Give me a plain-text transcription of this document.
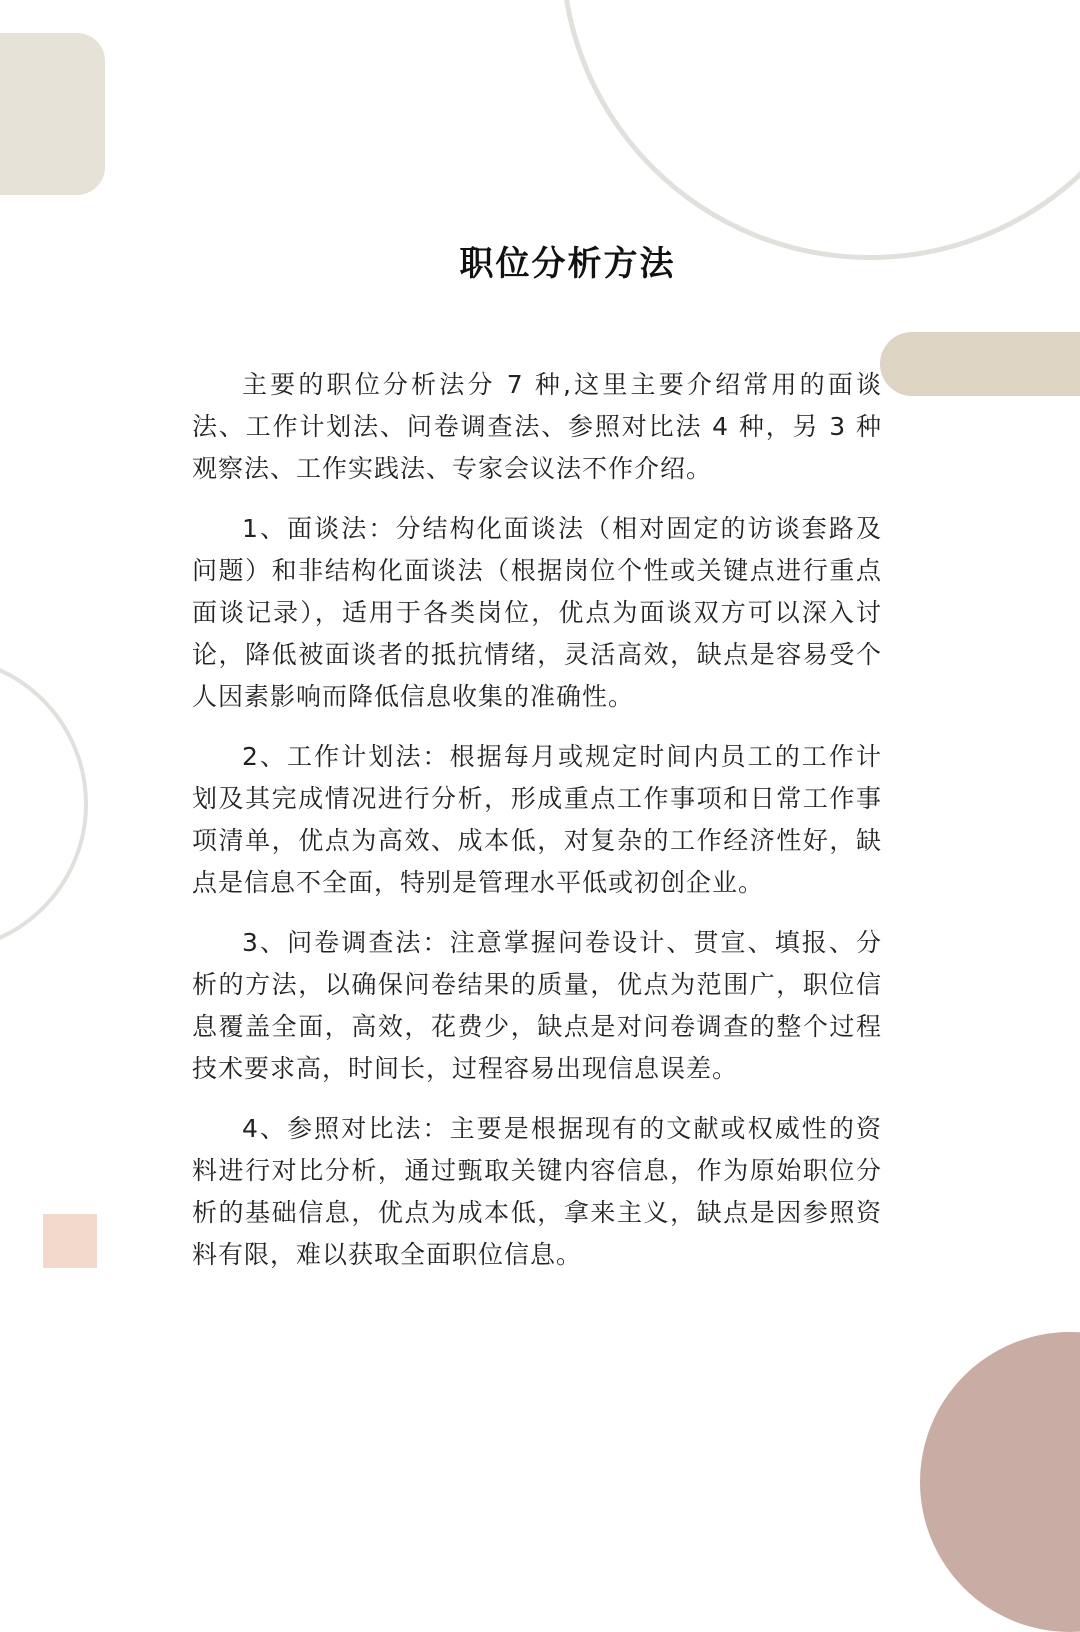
职位分析方法

主要的职位分析法分 7 种,这里主要介绍常用的面谈法、工作计划法、问卷调查法、参照对比法 4 种，另 3 种观察法、工作实践法、专家会议法不作介绍。

1、面谈法：分结构化面谈法（相对固定的访谈套路及问题）和非结构化面谈法（根据岗位个性或关键点进行重点面谈记录），适用于各类岗位，优点为面谈双方可以深入讨论，降低被面谈者的抵抗情绪，灵活高效，缺点是容易受个人因素影响而降低信息收集的准确性。

2、工作计划法：根据每月或规定时间内员工的工作计划及其完成情况进行分析，形成重点工作事项和日常工作事项清单，优点为高效、成本低，对复杂的工作经济性好，缺点是信息不全面，特别是管理水平低或初创企业。

3、问卷调查法：注意掌握问卷设计、贯宣、填报、分析的方法，以确保问卷结果的质量，优点为范围广，职位信息覆盖全面，高效，花费少，缺点是对问卷调查的整个过程技术要求高，时间长，过程容易出现信息误差。

4、参照对比法：主要是根据现有的文献或权威性的资料进行对比分析，通过甄取关键内容信息，作为原始职位分析的基础信息，优点为成本低，拿来主义，缺点是因参照资料有限，难以获取全面职位信息。
